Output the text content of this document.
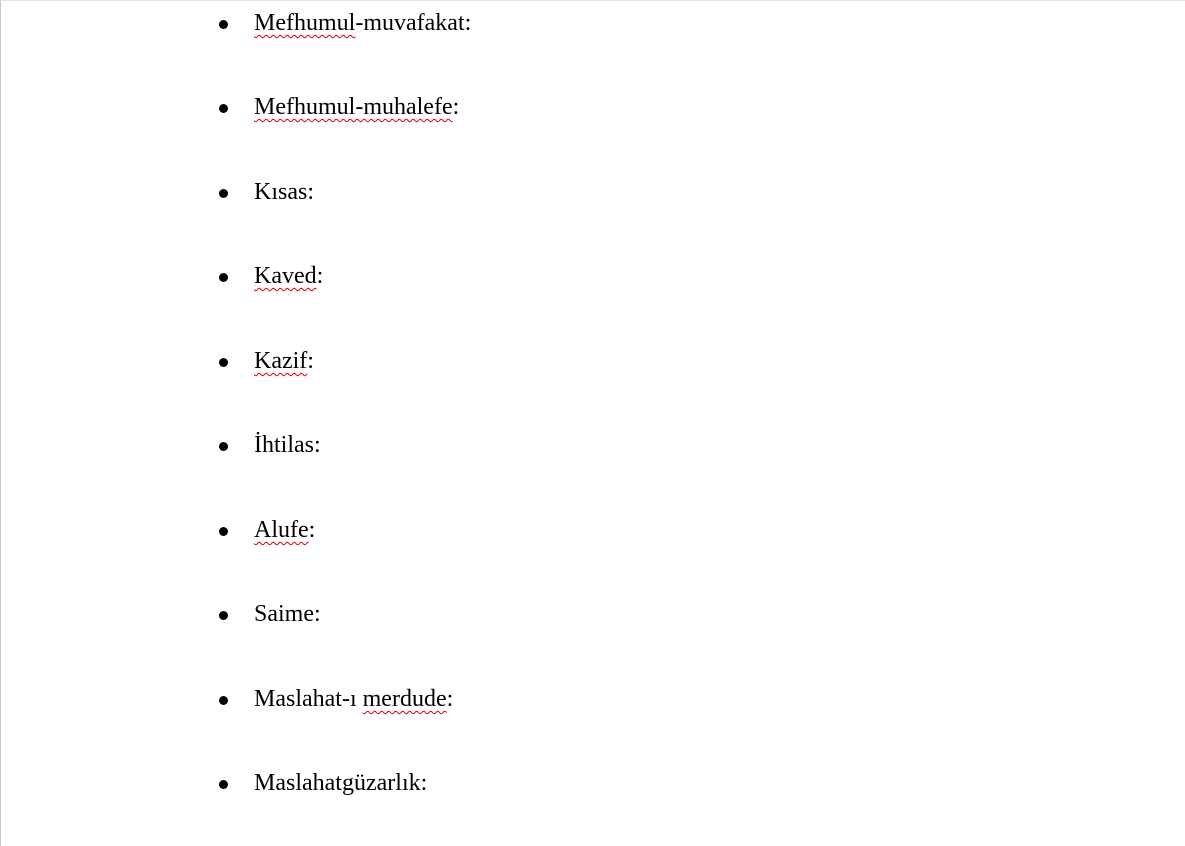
Mefhumul-muvafakat:
Mefhumul-muhalefe:
Kısas:
Kaved:
Kazif:
İhtilas:
Alufe:
Saime:
Maslahat-ı merdude:
Maslahatgüzarlık:
